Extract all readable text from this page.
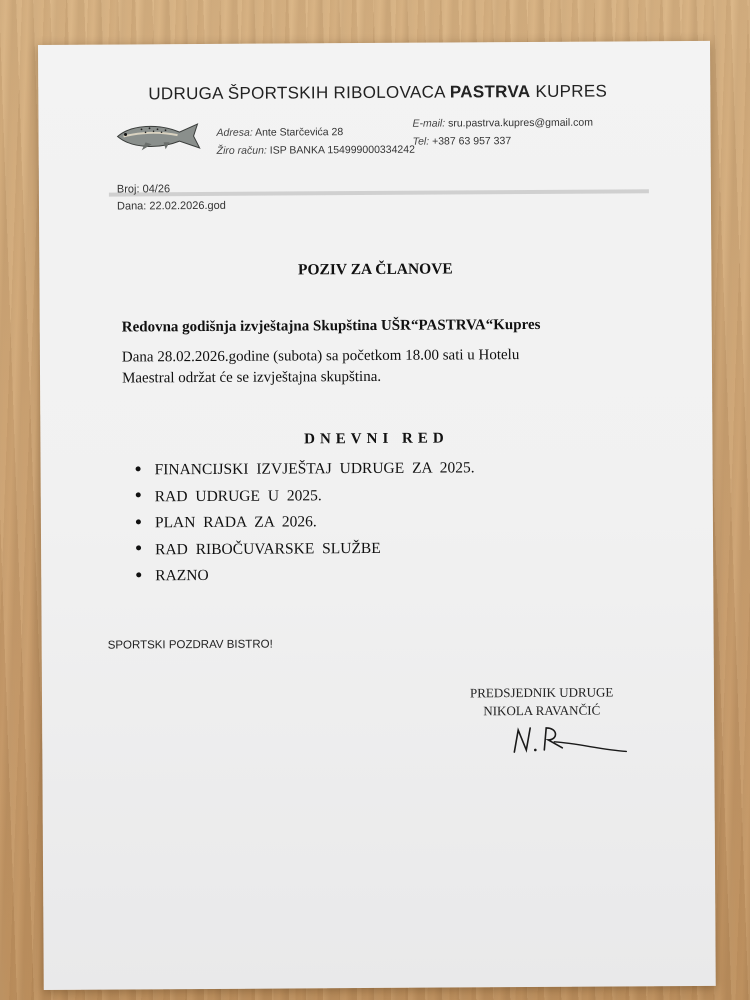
UDRUGA ŠPORTSKIH RIBOLOVACA PASTRVA KUPRES
Adresa: Ante Starčevića 28
Žiro račun: ISP BANKA 154999000334242
E-mail: sru.pastrva.kupres@gmail.com
Tel: +387 63 957 337
Broj: 04/26
Dana: 22.02.2026.god
POZIV ZA ČLANOVE
Redovna godišnja izvještajna Skupština UŠR“PASTRVA“Kupres
Dana 28.02.2026.godine (subota) sa početkom 18.00 sati u Hotelu
Maestral održat će se izvještajna skupština.
DNEVNI RED
FINANCIJSKI IZVJEŠTAJ UDRUGE ZA 2025.
RAD UDRUGE U 2025.
PLAN RADA ZA 2026.
RAD RIBOČUVARSKE SLUŽBE
RAZNO
SPORTSKI POZDRAV BISTRO!
PREDSJEDNIK UDRUGE
NIKOLA RAVANČIĆ
